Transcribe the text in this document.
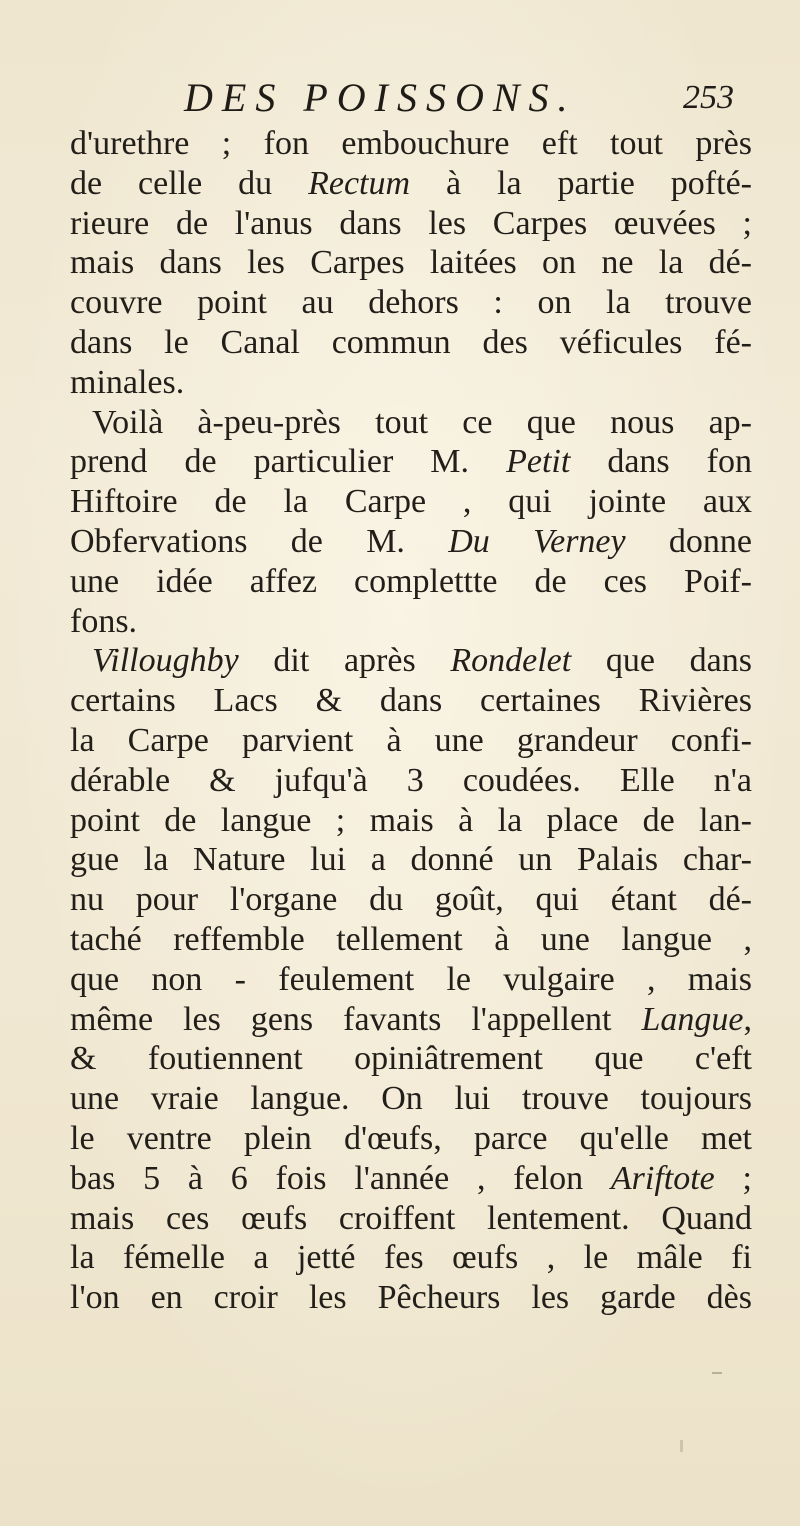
DES POISSONS.	253
d'urethre ; fon embouchure eft tout près
de celle du Rectum à la partie pofté-
rieure de l'anus dans les Carpes œuvées ;
mais dans les Carpes laitées on ne la dé-
couvre point au dehors : on la trouve
dans le Canal commun des véficules fé-
minales.
Voilà à-peu-près tout ce que nous ap-
prend de particulier M. Petit dans fon
Hiftoire de la Carpe , qui jointe aux
Obfervations de M. Du Verney donne
une idée affez complettte de ces Poif-
fons.
Villoughby dit après Rondelet que dans
certains Lacs & dans certaines Rivières
la Carpe parvient à une grandeur confi-
dérable & jufqu'à 3 coudées. Elle n'a
point de langue ; mais à la place de lan-
gue la Nature lui a donné un Palais char-
nu pour l'organe du goût, qui étant dé-
taché reffemble tellement à une langue ,
que non - feulement le vulgaire , mais
même les gens favants l'appellent Langue,
& foutiennent opiniâtrement que c'eft
une vraie langue. On lui trouve toujours
le ventre plein d'œufs, parce qu'elle met
bas 5 à 6 fois l'année , felon Ariftote ;
mais ces œufs croiffent lentement. Quand
la fémelle a jetté fes œufs , le mâle fi
l'on en croir les Pêcheurs les garde dès
